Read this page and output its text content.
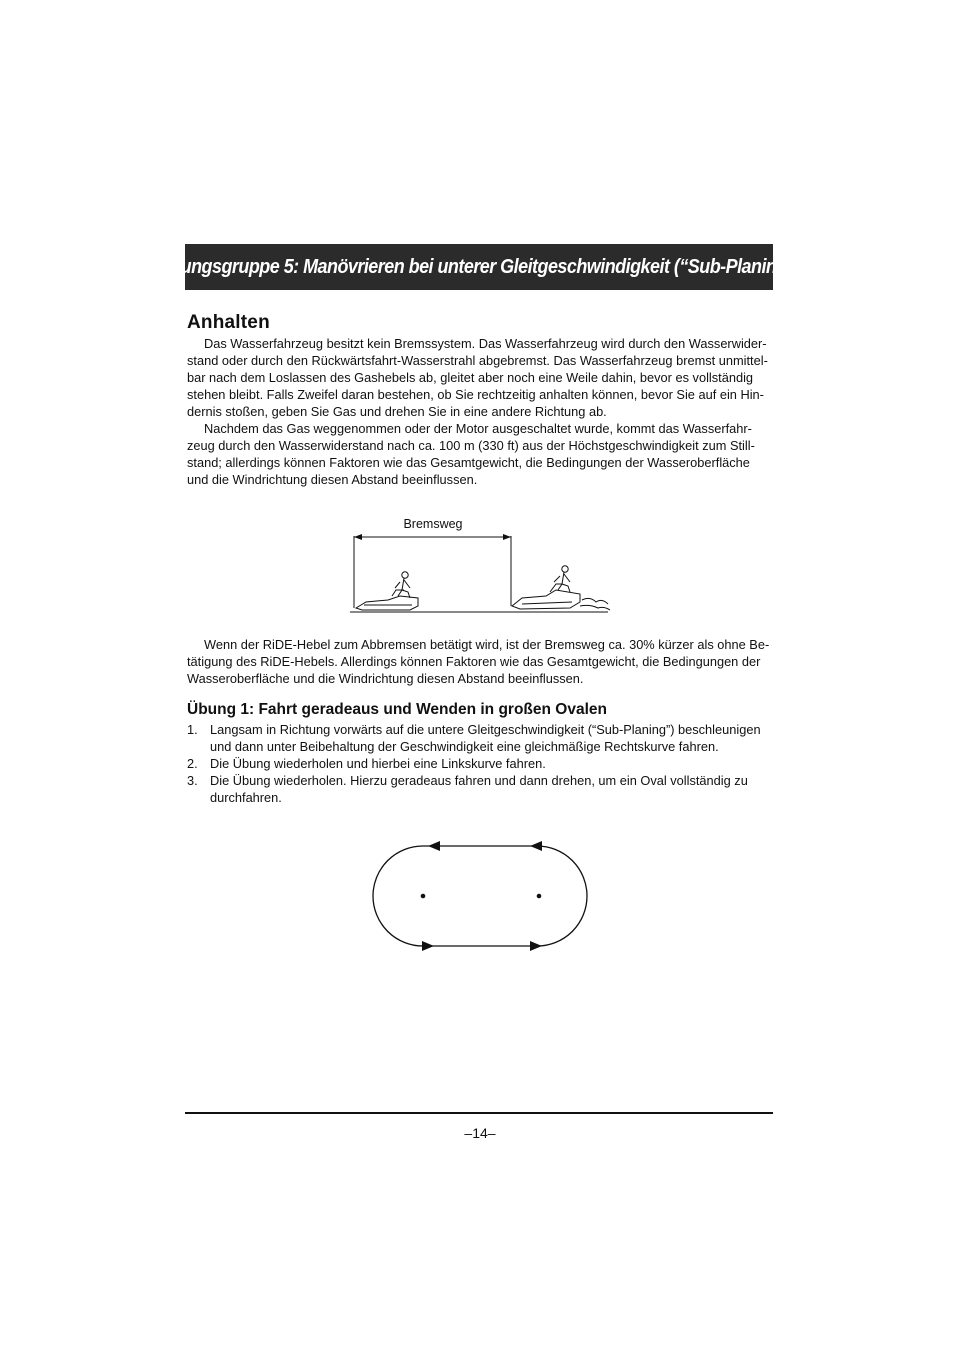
Übungsgruppe 5: Manövrieren bei unterer Gleitgeschwindigkeit (“Sub-Planing”)
Anhalten

Das Wasserfahrzeug besitzt kein Bremssystem. Das Wasserfahrzeug wird durch den Wasserwider-stand oder durch den Rückwärtsfahrt-Wasserstrahl abgebremst. Das Wasserfahrzeug bremst unmittel-bar nach dem Loslassen des Gashebels ab, gleitet aber noch eine Weile dahin, bevor es vollständig stehen bleibt. Falls Zweifel daran bestehen, ob Sie rechtzeitig anhalten können, bevor Sie auf ein Hin-dernis stoßen, geben Sie Gas und drehen Sie in eine andere Richtung ab.

Nachdem das Gas weggenommen oder der Motor ausgeschaltet wurde, kommt das Wasserfahr-zeug durch den Wasserwiderstand nach ca. 100 m (330 ft) aus der Höchstgeschwindigkeit zum Still-stand; allerdings können Faktoren wie das Gesamtgewicht, die Bedingungen der Wasseroberfläche und die Windrichtung diesen Abstand beeinflussen.

Bremsweg

Wenn der RiDE-Hebel zum Abbremsen betätigt wird, ist der Bremsweg ca. 30% kürzer als ohne Be-tätigung des RiDE-Hebels. Allerdings können Faktoren wie das Gesamtgewicht, die Bedingungen der Wasseroberfläche und die Windrichtung diesen Abstand beeinflussen.

Übung 1: Fahrt geradeaus und Wenden in großen Ovalen
1. Langsam in Richtung vorwärts auf die untere Gleitgeschwindigkeit (“Sub-Planing”) beschleunigen und dann unter Beibehaltung der Geschwindigkeit eine gleichmäßige Rechtskurve fahren.
2. Die Übung wiederholen und hierbei eine Linkskurve fahren.
3. Die Übung wiederholen. Hierzu geradeaus fahren und dann drehen, um ein Oval vollständig zu durchfahren.
–14–
